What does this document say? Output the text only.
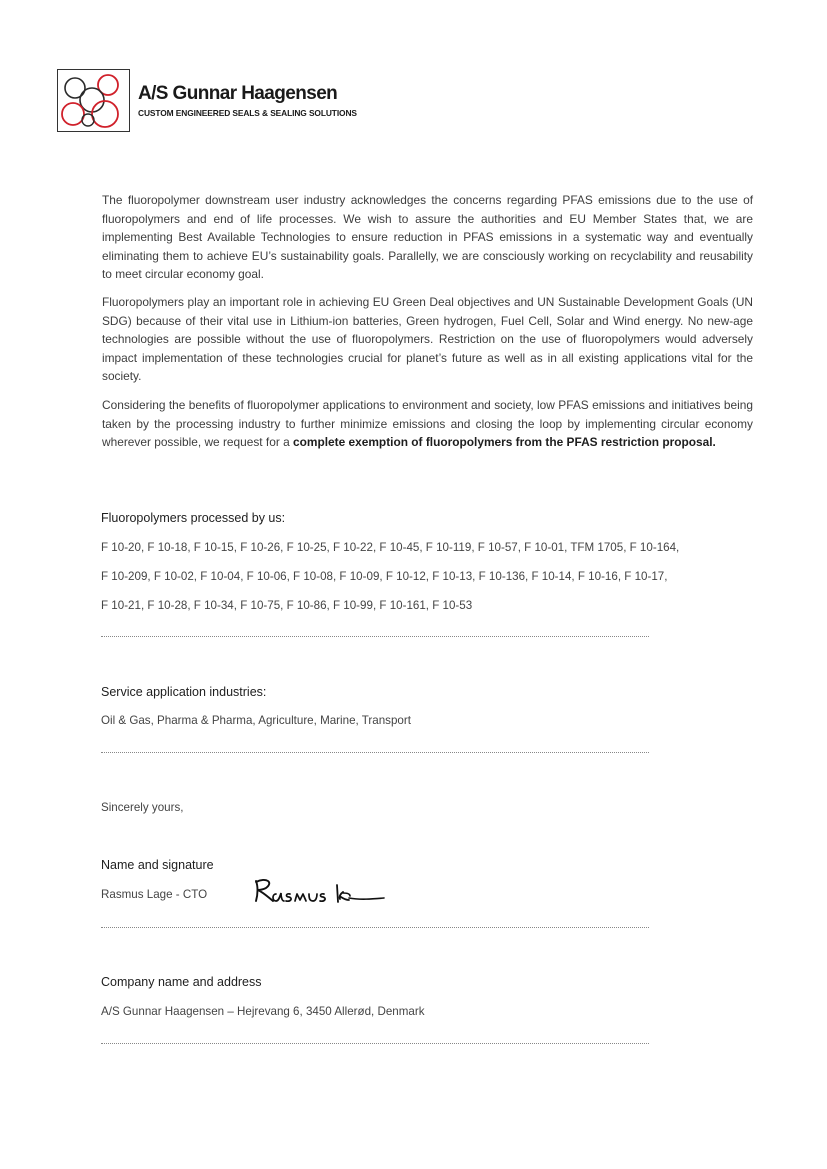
A/S Gunnar Haagensen
CUSTOM ENGINEERED SEALS & SEALING SOLUTIONS

The fluoropolymer downstream user industry acknowledges the concerns regarding PFAS emissions due to the use of fluoropolymers and end of life processes. We wish to assure the authorities and EU Member States that, we are implementing Best Available Technologies to ensure reduction in PFAS emissions in a systematic way and eventually eliminating them to achieve EU’s sustainability goals. Parallelly, we are consciously working on recyclability and reusability to meet circular economy goal.

Fluoropolymers play an important role in achieving EU Green Deal objectives and UN Sustainable Development Goals (UN SDG) because of their vital use in Lithium-ion batteries, Green hydrogen, Fuel Cell, Solar and Wind energy. No new-age technologies are possible without the use of fluoropolymers. Restriction on the use of fluoropolymers would adversely impact implementation of these technologies crucial for planet’s future as well as in all existing applications vital for the society.

Considering the benefits of fluoropolymer applications to environment and society, low PFAS emissions and initiatives being taken by the processing industry to further minimize emissions and closing the loop by implementing circular economy wherever possible, we request for a complete exemption of fluoropolymers from the PFAS restriction proposal.

Fluoropolymers processed by us:
F 10-20, F 10-18, F 10-15, F 10-26, F 10-25, F 10-22, F 10-45, F 10-119, F 10-57, F 10-01, TFM 1705, F 10-164,
F 10-209, F 10-02, F 10-04, F 10-06, F 10-08, F 10-09, F 10-12, F 10-13, F 10-136, F 10-14, F 10-16, F 10-17,
F 10-21, F 10-28, F 10-34, F 10-75, F 10-86, F 10-99, F 10-161, F 10-53
Service application industries:
Oil & Gas, Pharma & Pharma, Agriculture, Marine, Transport
Sincerely yours,
Name and signature
Rasmus Lage - CTO
Company name and address
A/S Gunnar Haagensen – Hejrevang 6, 3450 Allerød, Denmark
